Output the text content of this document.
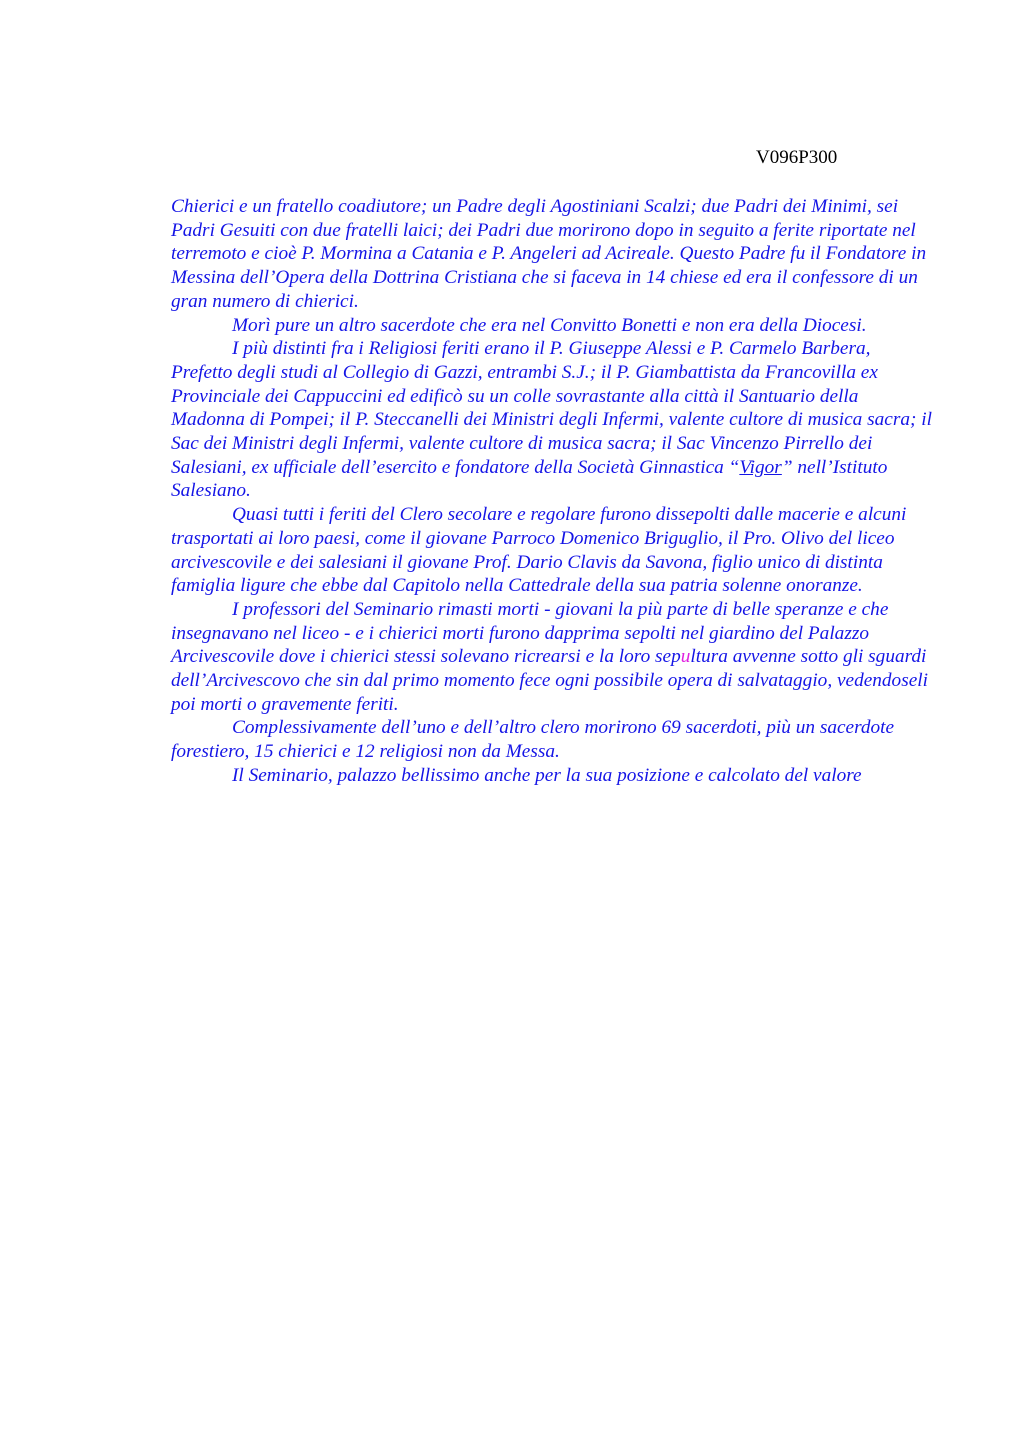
V096P300

Chierici e un fratello coadiutore; un Padre degli Agostiniani Scalzi; due Padri dei Minimi, sei Padri Gesuiti con due fratelli laici; dei Padri due morirono dopo in seguito a ferite riportate nel terremoto e cioè P. Mormina a Catania e P. Angeleri ad Acireale. Questo Padre fu il Fondatore in Messina dell’Opera della Dottrina Cristiana che si faceva in 14 chiese ed era il confessore di un gran numero di chierici.

Morì pure un altro sacerdote che era nel Convitto Bonetti e non era della Diocesi.

I più distinti fra i Religiosi feriti erano il P. Giuseppe Alessi e P. Carmelo Barbera, Prefetto degli studi al Collegio di Gazzi, entrambi S.J.; il P. Giambattista da Francovilla ex Provinciale dei Cappuccini ed edificò su un colle sovrastante alla città il Santuario della Madonna di Pompei; il P. Steccanelli dei Ministri degli Infermi, valente cultore di musica sacra; il Sac dei Ministri degli Infermi, valente cultore di musica sacra; il Sac Vincenzo Pirrello dei Salesiani, ex ufficiale dell’esercito e fondatore della Società Ginnastica “Vigor” nell’Istituto Salesiano.

Quasi tutti i feriti del Clero secolare e regolare furono dissepolti dalle macerie e alcuni trasportati ai loro paesi, come il giovane Parroco Domenico Briguglio, il Pro. Olivo del liceo arcivescovile e dei salesiani il giovane Prof. Dario Clavis da Savona, figlio unico di distinta famiglia ligure che ebbe dal Capitolo nella Cattedrale della sua patria solenne onoranze.

I professori del Seminario rimasti morti - giovani la più parte di belle speranze e che insegnavano nel liceo - e i chierici morti furono dapprima sepolti nel giardino del Palazzo Arcivescovile dove i chierici stessi solevano ricrearsi e la loro sepultura avvenne sotto gli sguardi dell’Arcivescovo che sin dal primo momento fece ogni possibile opera di salvataggio, vedendoseli poi morti o gravemente feriti.

Complessivamente dell’uno e dell’altro clero morirono 69 sacerdoti, più un sacerdote forestiero, 15 chierici e 12 religiosi non da Messa.

Il Seminario, palazzo bellissimo anche per la sua posizione e calcolato del valore
